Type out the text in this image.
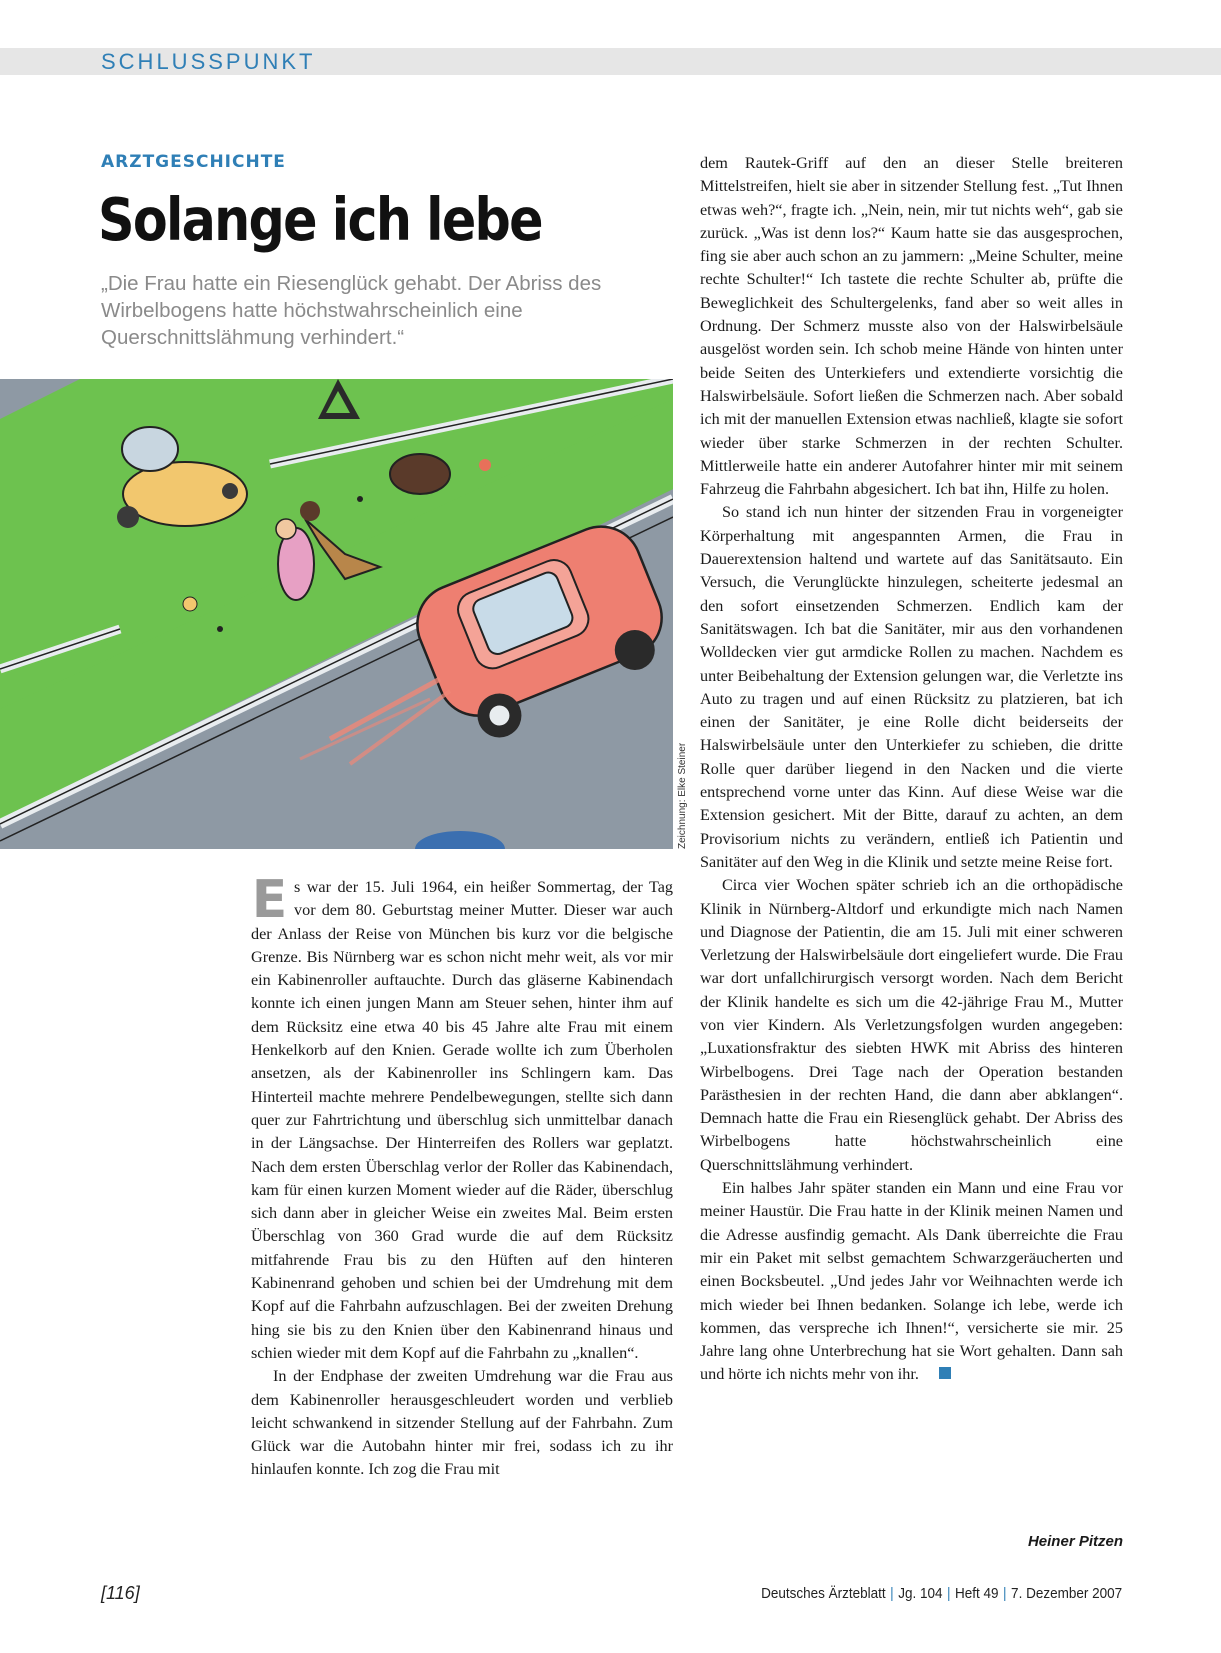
SCHLUSSPUNKT
ARZTGESCHICHTE
Solange ich lebe

„Die Frau hatte ein Riesenglück gehabt. Der Abriss des Wirbelbogens hatte höchstwahrscheinlich eine Querschnittslähmung verhindert.“

Zeichnung: Elke Steiner
E s war der 15. Juli 1964, ein heißer Sommertag, der Tag vor dem 80. Geburtstag meiner Mutter. Dieser war auch der Anlass der Reise von München bis kurz vor die belgische Grenze. Bis Nürnberg war es schon nicht mehr weit, als vor mir ein Kabinenroller auftauchte. Durch das gläserne Kabinendach konnte ich einen jungen Mann am Steuer sehen, hinter ihm auf dem Rücksitz eine etwa 40 bis 45 Jahre alte Frau mit einem Henkelkorb auf den Knien. Gerade wollte ich zum Überholen ansetzen, als der Kabinenroller ins Schlingern kam. Das Hinterteil machte mehrere Pendelbewegungen, stellte sich dann quer zur Fahrtrichtung und überschlug sich unmittelbar danach in der Längsachse. Der Hinterreifen des Rollers war geplatzt. Nach dem ersten Überschlag verlor der Roller das Kabinendach, kam für einen kurzen Moment wieder auf die Räder, überschlug sich dann aber in gleicher Weise ein zweites Mal. Beim ersten Überschlag von 360 Grad wurde die auf dem Rücksitz mitfahrende Frau bis zu den Hüften auf den hinteren Kabinenrand gehoben und schien bei der Umdrehung mit dem Kopf auf die Fahrbahn aufzuschlagen. Bei der zweiten Drehung hing sie bis zu den Knien über den Kabinenrand hinaus und schien wieder mit dem Kopf auf die Fahrbahn zu „knallen“.

In der Endphase der zweiten Umdrehung war die Frau aus dem Kabinenroller herausgeschleudert worden und verblieb leicht schwankend in sitzender Stellung auf der Fahrbahn. Zum Glück war die Autobahn hinter mir frei, sodass ich zu ihr hinlaufen konnte. Ich zog die Frau mit

dem Rautek-Griff auf den an dieser Stelle breiteren Mittelstreifen, hielt sie aber in sitzender Stellung fest. „Tut Ihnen etwas weh?“, fragte ich. „Nein, nein, mir tut nichts weh“, gab sie zurück. „Was ist denn los?“ Kaum hatte sie das ausgesprochen, fing sie aber auch schon an zu jammern: „Meine Schulter, meine rechte Schulter!“ Ich tastete die rechte Schulter ab, prüfte die Beweglichkeit des Schultergelenks, fand aber so weit alles in Ordnung. Der Schmerz musste also von der Halswirbelsäule ausgelöst worden sein. Ich schob meine Hände von hinten unter beide Seiten des Unterkiefers und extendierte vorsichtig die Halswirbelsäule. Sofort ließen die Schmerzen nach. Aber sobald ich mit der manuellen Extension etwas nachließ, klagte sie sofort wieder über starke Schmerzen in der rechten Schulter. Mittlerweile hatte ein anderer Autofahrer hinter mir mit seinem Fahrzeug die Fahrbahn abgesichert. Ich bat ihn, Hilfe zu holen.

So stand ich nun hinter der sitzenden Frau in vorgeneigter Körperhaltung mit angespannten Armen, die Frau in Dauerextension haltend und wartete auf das Sanitätsauto. Ein Versuch, die Verunglückte hinzulegen, scheiterte jedesmal an den sofort einsetzenden Schmerzen. Endlich kam der Sanitätswagen. Ich bat die Sanitäter, mir aus den vorhandenen Wolldecken vier gut armdicke Rollen zu machen. Nachdem es unter Beibehaltung der Extension gelungen war, die Verletzte ins Auto zu tragen und auf einen Rücksitz zu platzieren, bat ich einen der Sanitäter, je eine Rolle dicht beiderseits der Halswirbelsäule unter den Unterkiefer zu schieben, die dritte Rolle quer darüber liegend in den Nacken und die vierte entsprechend vorne unter das Kinn. Auf diese Weise war die Extension gesichert. Mit der Bitte, darauf zu achten, an dem Provisorium nichts zu verändern, entließ ich Patientin und Sanitäter auf den Weg in die Klinik und setzte meine Reise fort.

Circa vier Wochen später schrieb ich an die orthopädische Klinik in Nürnberg-Altdorf und erkundigte mich nach Namen und Diagnose der Patientin, die am 15. Juli mit einer schweren Verletzung der Halswirbelsäule dort eingeliefert wurde. Die Frau war dort unfallchirurgisch versorgt worden. Nach dem Bericht der Klinik handelte es sich um die 42-jährige Frau M., Mutter von vier Kindern. Als Verletzungsfolgen wurden angegeben: „Luxationsfraktur des siebten HWK mit Abriss des hinteren Wirbelbogens. Drei Tage nach der Operation bestanden Parästhesien in der rechten Hand, die dann aber abklangen“. Demnach hatte die Frau ein Riesenglück gehabt. Der Abriss des Wirbelbogens hatte höchstwahrscheinlich eine Querschnittslähmung verhindert.

Ein halbes Jahr später standen ein Mann und eine Frau vor meiner Haustür. Die Frau hatte in der Klinik meinen Namen und die Adresse ausfindig gemacht. Als Dank überreichte die Frau mir ein Paket mit selbst gemachtem Schwarzgeräucherten und einen Bocksbeutel. „Und jedes Jahr vor Weihnachten werde ich mich wieder bei Ihnen bedanken. Solange ich lebe, werde ich kommen, das verspreche ich Ihnen!“, versicherte sie mir. 25 Jahre lang ohne Unterbrechung hat sie Wort gehalten. Dann sah und hörte ich nichts mehr von ihr.

Heiner Pitzen
[116]	Deutsches Ärzteblatt | Jg. 104 | Heft 49 | 7. Dezember 2007
